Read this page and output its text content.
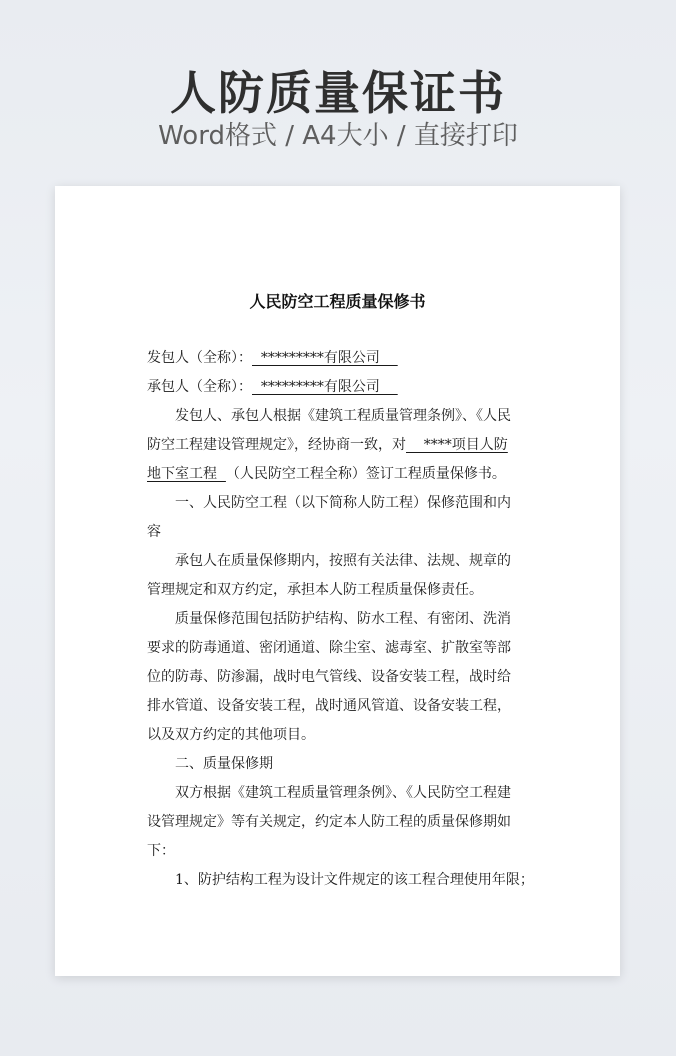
人防质量保证书
Word格式 / A4大小 / 直接打印
人民防空工程质量保修书
发包人（全称）：  *********有限公司
承包人（全称）：  *********有限公司
发包人、承包人根据《建筑工程质量管理条例》、《人民
防空工程建设管理规定》，经协商一致，对    ****项目人防
地下室工程  （人民防空工程全称）签订工程质量保修书。
一、人民防空工程（以下简称人防工程）保修范围和内
容
承包人在质量保修期内，按照有关法律、法规、规章的
管理规定和双方约定，承担本人防工程质量保修责任。
质量保修范围包括防护结构、防水工程、有密闭、洗消
要求的防毒通道、密闭通道、除尘室、滤毒室、扩散室等部
位的防毒、防渗漏，战时电气管线、设备安装工程，战时给
排水管道、设备安装工程，战时通风管道、设备安装工程，
以及双方约定的其他项目。
二、质量保修期
双方根据《建筑工程质量管理条例》、《人民防空工程建
设管理规定》等有关规定，约定本人防工程的质量保修期如
下：
1、防护结构工程为设计文件规定的该工程合理使用年限；
